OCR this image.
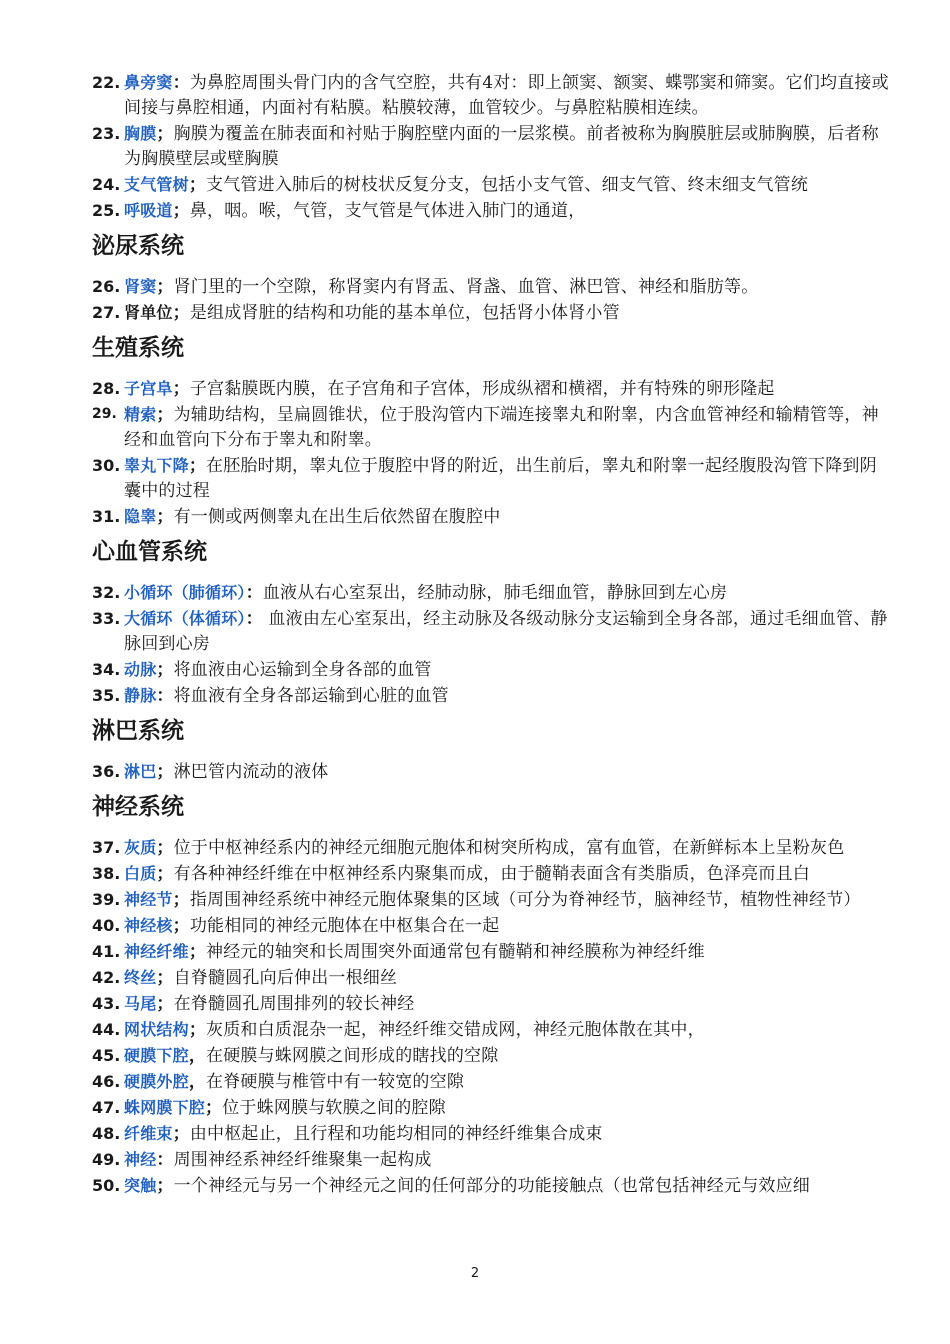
22. 鼻旁窦：为鼻腔周围头骨门内的含气空腔，共有4对：即上颌窦、额窦、蝶鄂窦和筛窦。它们均直接或间接与鼻腔相通，内面衬有粘膜。粘膜较薄，血管较少。与鼻腔粘膜相连续。
23. 胸膜；胸膜为覆盖在肺表面和衬贴于胸腔壁内面的一层浆模。前者被称为胸膜脏层或肺胸膜，后者称为胸膜壁层或壁胸膜
24. 支气管树；支气管进入肺后的树枝状反复分支，包括小支气管、细支气管、终末细支气管统
25. 呼吸道；鼻，咽。喉，气管，支气管是气体进入肺门的通道，
泌尿系统
26. 肾窦；肾门里的一个空隙，称肾窦内有肾盂、肾盏、血管、淋巴管、神经和脂肪等。
27. 肾单位；是组成肾脏的结构和功能的基本单位，包括肾小体肾小管
生殖系统
28. 子宫阜；子宫黏膜既内膜，在子宫角和子宫体，形成纵褶和横褶，并有特殊的卵形隆起
29. 精索；为辅助结构，呈扁圆锥状，位于股沟管内下端连接睾丸和附睾，内含血管神经和输精管等，神经和血管向下分布于睾丸和附睾。
30. 睾丸下降；在胚胎时期，睾丸位于腹腔中肾的附近，出生前后，睾丸和附睾一起经腹股沟管下降到阴囊中的过程
31. 隐睾；有一侧或两侧睾丸在出生后依然留在腹腔中
心血管系统
32. 小循环（肺循环）：血液从右心室泵出，经肺动脉，肺毛细血管，静脉回到左心房
33. 大循环（体循环）： 血液由左心室泵出，经主动脉及各级动脉分支运输到全身各部，通过毛细血管、静脉回到心房
34. 动脉；将血液由心运输到全身各部的血管
35. 静脉：将血液有全身各部运输到心脏的血管
淋巴系统
36. 淋巴；淋巴管内流动的液体
神经系统
37. 灰质；位于中枢神经系内的神经元细胞元胞体和树突所构成，富有血管，在新鲜标本上呈粉灰色
38. 白质；有各种神经纤维在中枢神经系内聚集而成，由于髓鞘表面含有类脂质，色泽亮而且白
39. 神经节；指周围神经系统中神经元胞体聚集的区域（可分为脊神经节，脑神经节，植物性神经节）
40. 神经核；功能相同的神经元胞体在中枢集合在一起
41. 神经纤维；神经元的轴突和长周围突外面通常包有髓鞘和神经膜称为神经纤维
42. 终丝；自脊髓圆孔向后伸出一根细丝
43. 马尾；在脊髓圆孔周围排列的较长神经
44. 网状结构；灰质和白质混杂一起，神经纤维交错成网，神经元胞体散在其中，
45. 硬膜下腔，在硬膜与蛛网膜之间形成的瞎找的空隙
46. 硬膜外腔，在脊硬膜与椎管中有一较宽的空隙
47. 蛛网膜下腔；位于蛛网膜与软膜之间的腔隙
48. 纤维束；由中枢起止，且行程和功能均相同的神经纤维集合成束
49. 神经：周围神经系神经纤维聚集一起构成
50. 突触；一个神经元与另一个神经元之间的任何部分的功能接触点（也常包括神经元与效应细
2
